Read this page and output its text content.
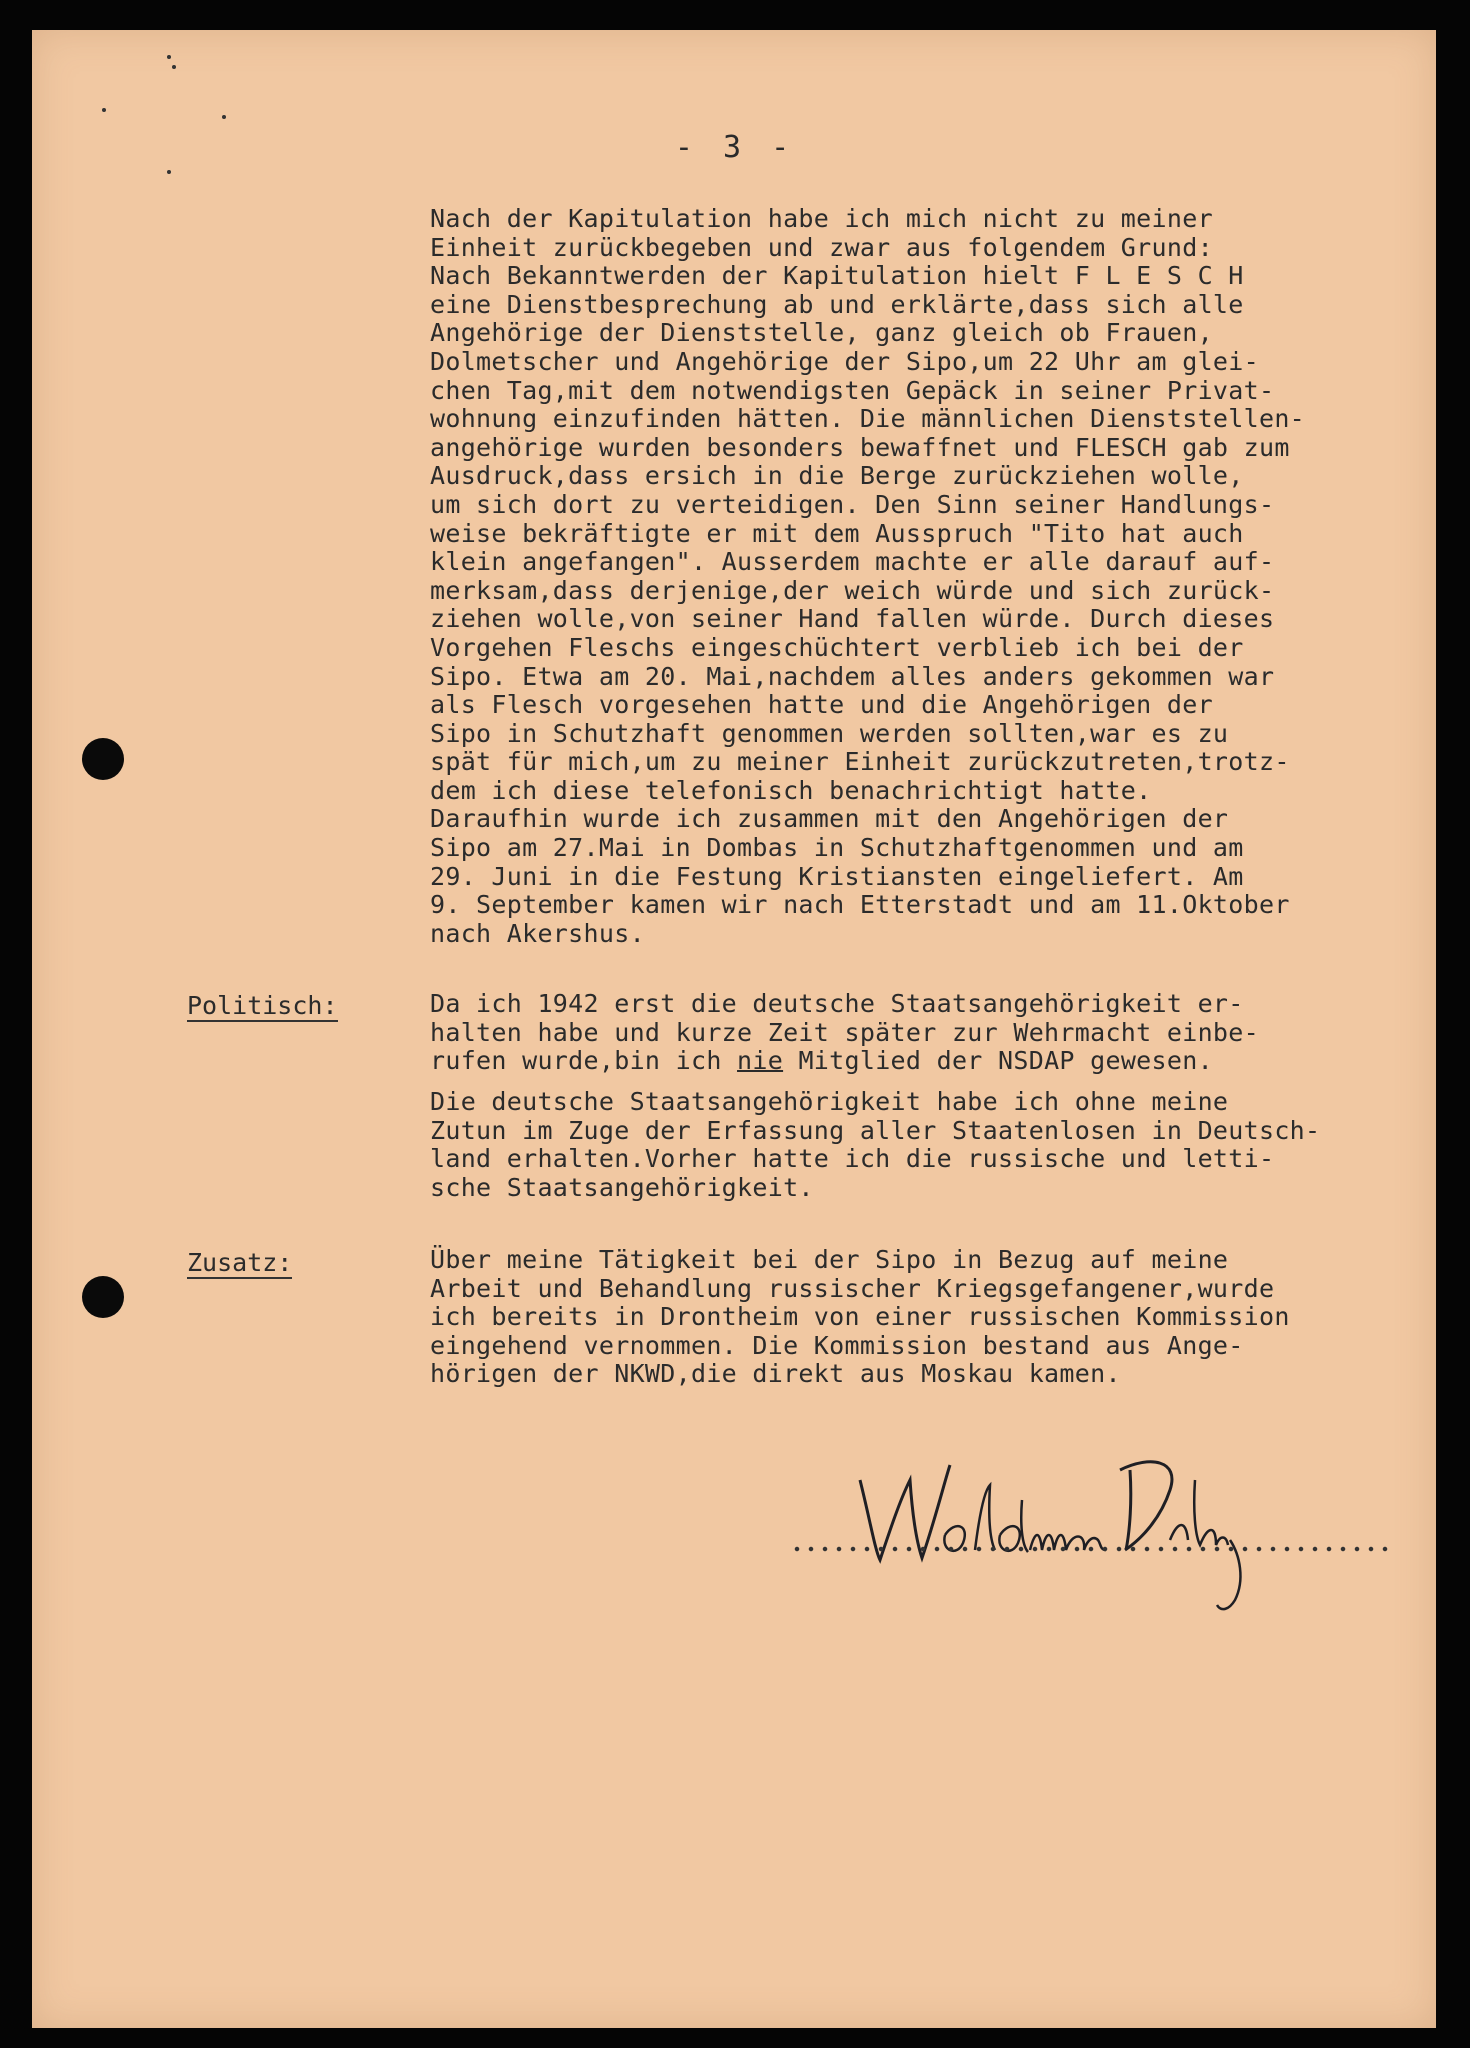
- 3 -
Nach der Kapitulation habe ich mich nicht zu meiner
Einheit zurückbegeben und zwar aus folgendem Grund:
Nach Bekanntwerden der Kapitulation hielt F L E S C H
eine Dienstbesprechung ab und erklärte,dass sich alle
Angehörige der Dienststelle, ganz gleich ob Frauen,
Dolmetscher und Angehörige der Sipo,um 22 Uhr am glei-
chen Tag,mit dem notwendigsten Gepäck in seiner Privat-
wohnung einzufinden hätten. Die männlichen Dienststellen-
angehörige wurden besonders bewaffnet und FLESCH gab zum
Ausdruck,dass ersich in die Berge zurückziehen wolle,
um sich dort zu verteidigen. Den Sinn seiner Handlungs-
weise bekräftigte er mit dem Ausspruch "Tito hat auch
klein angefangen". Ausserdem machte er alle darauf auf-
merksam,dass derjenige,der weich würde und sich zurück-
ziehen wolle,von seiner Hand fallen würde. Durch dieses
Vorgehen Fleschs eingeschüchtert verblieb ich bei der
Sipo. Etwa am 20. Mai,nachdem alles anders gekommen war
als Flesch vorgesehen hatte und die Angehörigen der
Sipo in Schutzhaft genommen werden sollten,war es zu
spät für mich,um zu meiner Einheit zurückzutreten,trotz-
dem ich diese telefonisch benachrichtigt hatte.
Daraufhin wurde ich zusammen mit den Angehörigen der
Sipo am 27.Mai in Dombas in Schutzhaftgenommen und am
29. Juni in die Festung Kristiansten eingeliefert. Am
9. September kamen wir nach Etterstadt und am 11.Oktober
nach Akershus.
Politisch:	Da ich 1942 erst die deutsche Staatsangehörigkeit er-
halten habe und kurze Zeit später zur Wehrmacht einbe-
rufen wurde,bin ich nie Mitglied der NSDAP gewesen.
Die deutsche Staatsangehörigkeit habe ich ohne meine
Zutun im Zuge der Erfassung aller Staatenlosen in Deutsch-
land erhalten.Vorher hatte ich die russische und letti-
sche Staatsangehörigkeit.
Zusatz:	Über meine Tätigkeit bei der Sipo in Bezug auf meine
Arbeit und Behandlung russischer Kriegsgefangener,wurde
ich bereits in Drontheim von einer russischen Kommission
eingehend vernommen. Die Kommission bestand aus Ange-
hörigen der NKWD,die direkt aus Moskau kamen.
